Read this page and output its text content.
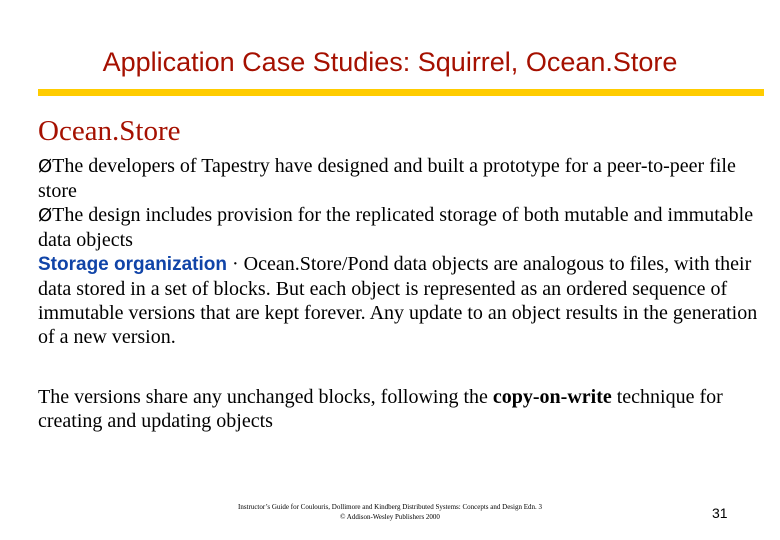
Application Case Studies: Squirrel, Ocean.Store
Ocean.Store

ØThe developers of Tapestry have designed and built a prototype for a peer-to-peer file store

ØThe design includes provision for the replicated storage of both mutable and immutable data objects

Storage organization · Ocean.Store/Pond data objects are analogous to files, with their data stored in a set of blocks. But each object is represented as an ordered sequence of immutable versions that are kept forever. Any update to an object results in the generation of a new version.

The versions share any unchanged blocks, following the copy-on-write technique for creating and updating objects

Instructor’s Guide for Coulouris, Dollimore and Kindberg Distributed Systems: Concepts and Design Edn. 3
© Addison-Wesley Publishers 2000	31
